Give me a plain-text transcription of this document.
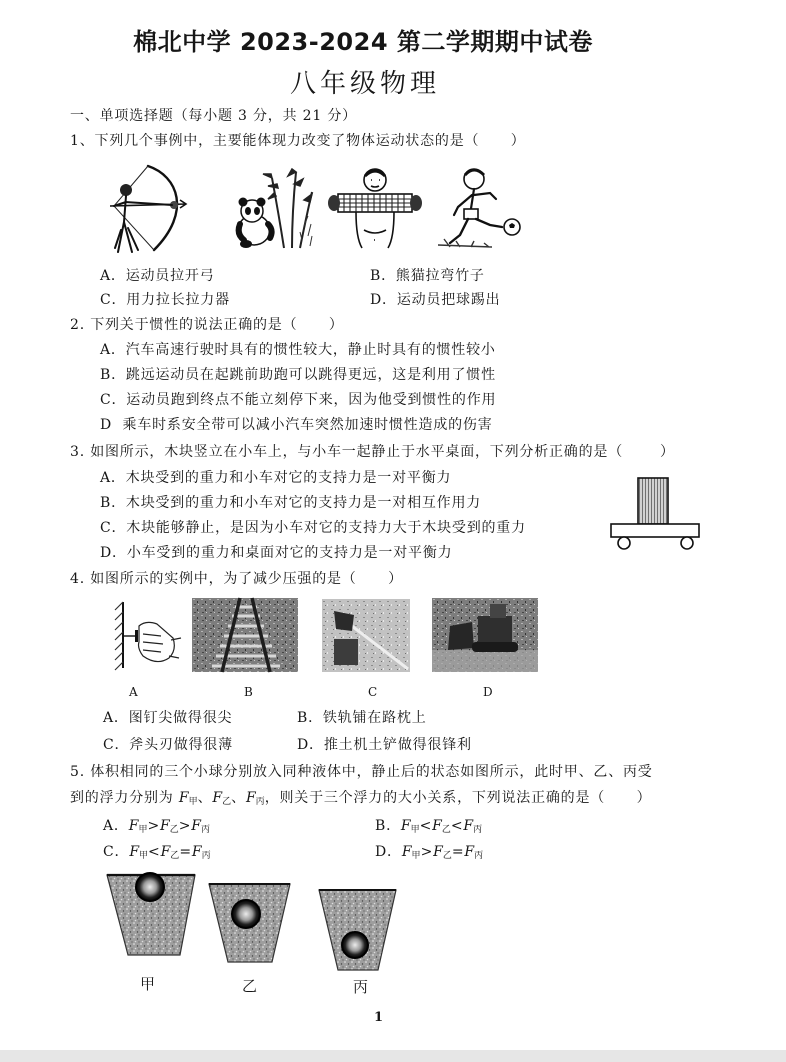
棉北中学 2023-2024 第二学期期中试卷
八年级物理
一、单项选择题（每小题 3 分，共 21 分）
1、下列几个事例中，主要能体现力改变了物体运动状态的是（      ）
A．运动员拉开弓	B．熊猫拉弯竹子
C．用力拉长拉力器	D．运动员把球踢出
2. 下列关于惯性的说法正确的是（      ）
A．汽车高速行驶时具有的惯性较大，静止时具有的惯性较小
B．跳远运动员在起跳前助跑可以跳得更远，这是利用了惯性
C．运动员跑到终点不能立刻停下来，因为他受到惯性的作用
D  乘车时系安全带可以减小汽车突然加速时惯性造成的伤害
3. 如图所示，木块竖立在小车上，与小车一起静止于水平桌面，下列分析正确的是（	）
A．木块受到的重力和小车对它的支持力是一对平衡力
B．木块受到的重力和小车对它的支持力是一对相互作用力
C．木块能够静止，是因为小车对它的支持力大于木块受到的重力
D．小车受到的重力和桌面对它的支持力是一对平衡力
4. 如图所示的实例中，为了减少压强的是（      ）
A	B	C	D
A．图钉尖做得很尖	B．铁轨铺在路枕上
C．斧头刃做得很薄	D．推土机土铲做得很锋利
5. 体积相同的三个小球分别放入同种液体中，静止后的状态如图所示，此时甲、乙、丙受
到的浮力分别为 $F_甲$、$F_乙$、$F_丙$，则关于三个浮力的大小关系，下列说法正确的是（      ）
A．$F_甲>F_乙>F_丙$	B．$F_甲<F_乙<F_丙$
C．$F_甲<F_乙=F_丙$	D．$F_甲>F_乙=F_丙$
甲	乙	丙
1
